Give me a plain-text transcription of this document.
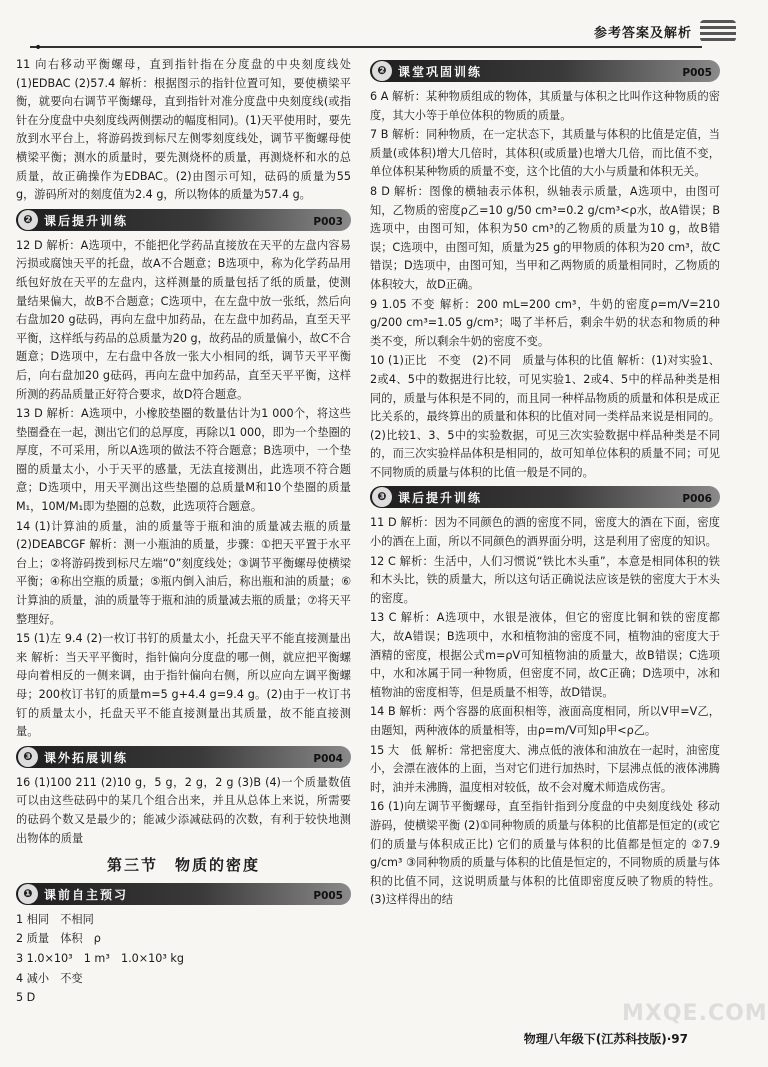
参考答案及解析
•
11 向右移动平衡螺母，直到指针指在分度盘的中央刻度线处 (1)EDBAC (2)57.4 解析：根据图示的指针位置可知，要使横梁平衡，就要向右调节平衡螺母，直到指针对准分度盘中央刻度线(或指针在分度盘中央刻度线两侧摆动的幅度相同)。(1)天平使用时，要先放到水平台上，将游码拨到标尺左侧零刻度线处，调节平衡螺母使横梁平衡；测水的质量时，要先测烧杯的质量，再测烧杯和水的总质量，故正确操作为EDBAC。(2)由图示可知，砝码的质量为55 g，游码所对的刻度值为2.4 g，所以物体的质量为57.4 g。
❷ 课后提升训练	P003
12 D 解析：A选项中，不能把化学药品直接放在天平的左盘内容易污损或腐蚀天平的托盘，故A不合题意；B选项中，称为化学药品用纸包好放在天平的左盘内，这样测量的质量包括了纸的质量，使测量结果偏大，故B不合题意；C选项中，在左盘中放一张纸，然后向右盘加20 g砝码，再向左盘中加药品，在左盘中加药品，直至天平平衡，这样纸与药品的总质量为20 g，故药品的质量偏小，故C不合题意；D选项中，左右盘中各放一张大小相同的纸，调节天平平衡后，向右盘加20 g砝码，再向左盘中加药品，直至天平平衡，这样所测的药品质量正好符合要求，故D符合题意。
13 D 解析：A选项中，小橡胶垫圈的数量估计为1 000个，将这些垫圈叠在一起，测出它们的总厚度，再除以1 000，即为一个垫圈的厚度，不可采用，所以A选项的做法不符合题意；B选项中，一个垫圈的质量太小，小于天平的感量，无法直接测出，此选项不符合题意；D选项中，用天平测出这些垫圈的总质量M和10个垫圈的质量M₁，10M/M₁即为垫圈的总数，此选项符合题意。
14 (1)计算油的质量，油的质量等于瓶和油的质量减去瓶的质量 (2)DEABCGF 解析：测一小瓶油的质量，步骤：①把天平置于水平台上；②将游码拨到标尺左端“0”刻度线处；③调节平衡螺母使横梁平衡；④称出空瓶的质量；⑤瓶内倒入油后，称出瓶和油的质量；⑥计算油的质量，油的质量等于瓶和油的质量减去瓶的质量；⑦将天平整理好。
15 (1)左 9.4 (2)一枚订书钉的质量太小，托盘天平不能直接测量出来 解析：当天平平衡时，指针偏向分度盘的哪一侧，就应把平衡螺母向着相反的一侧来调，由于指针偏向右侧，所以应向左调平衡螺母；200枚订书钉的质量m=5 g+4.4 g=9.4 g。(2)由于一枚订书钉的质量太小，托盘天平不能直接测量出其质量，故不能直接测量。
❸ 课外拓展训练	P004
16 (1)100 211 (2)10 g，5 g，2 g，2 g (3)B (4)一个质量数值可以由这些砝码中的某几个组合出来，并且从总体上来说，所需要的砝码个数又是最少的；能减少添减砝码的次数，有利于较快地测出物体的质量
第三节　物质的密度
❶ 课前自主预习	P005
1 相同　不相同
2 质量　体积　ρ
3 1.0×10³　1 m³　1.0×10³ kg
4 减小　不变
5 D
❷ 课堂巩固训练	P005
6 A 解析：某种物质组成的物体，其质量与体积之比叫作这种物质的密度，其大小等于单位体积的物质的质量。
7 B 解析：同种物质，在一定状态下，其质量与体积的比值是定值，当质量(或体积)增大几倍时，其体积(或质量)也增大几倍，而比值不变，单位体积某种物质的质量不变，这个比值的大小与质量和体积无关。
8 D 解析：图像的横轴表示体积，纵轴表示质量，A选项中，由图可知，乙物质的密度ρ乙=10 g/50 cm³=0.2 g/cm³<ρ水，故A错误；B选项中，由图可知，体积为50 cm³的乙物质的质量为10 g，故B错误；C选项中，由图可知，质量为25 g的甲物质的体积为20 cm³，故C错误；D选项中，由图可知，当甲和乙两物质的质量相同时，乙物质的体积较大，故D正确。
9 1.05 不变 解析：200 mL=200 cm³，牛奶的密度ρ=m/V=210 g/200 cm³=1.05 g/cm³；喝了半杯后，剩余牛奶的状态和物质的种类不变，所以剩余牛奶的密度不变。
10 (1)正比　不变　(2)不同　质量与体积的比值 解析：(1)对实验1、2或4、5中的数据进行比较，可见实验1、2或4、5中的样品种类是相同的，质量与体积是不同的，而且同一种样品物质的质量和体积是成正比关系的，最终算出的质量和体积的比值对同一类样品来说是相同的。(2)比较1、3、5中的实验数据，可见三次实验数据中样品种类是不同的，而三次实验样品体积是相同的，故可知单位体积的质量不同；可见不同物质的质量与体积的比值一般是不同的。
❸ 课后提升训练	P006
11 D 解析：因为不同颜色的酒的密度不同，密度大的酒在下面，密度小的酒在上面，所以不同颜色的酒界面分明，这是利用了密度的知识。
12 C 解析：生活中，人们习惯说“铁比木头重”，本意是相同体积的铁和木头比，铁的质量大，所以这句话正确说法应该是铁的密度大于木头的密度。
13 C 解析：A选项中，水银是液体，但它的密度比铜和铁的密度都大，故A错误；B选项中，水和植物油的密度不同，植物油的密度大于酒精的密度，根据公式m=ρV可知植物油的质量大，故B错误；C选项中，水和冰属于同一种物质，但密度不同，故C正确；D选项中，冰和植物油的密度相等，但是质量不相等，故D错误。
14 B 解析：两个容器的底面积相等，液面高度相同，所以V甲=V乙，由题知，两种液体的质量相等，由ρ=m/V可知ρ甲<ρ乙。
15 大　低 解析：常把密度大、沸点低的液体和油放在一起时，油密度小，会漂在液体的上面，当对它们进行加热时，下层沸点低的液体沸腾时，油并未沸腾，温度相对较低，故不会对魔术师造成伤害。
16 (1)向左调节平衡螺母，直至指针指到分度盘的中央刻度线处 移动游码，使横梁平衡 (2)①同种物质的质量与体积的比值都是恒定的(或它们的质量与体积成正比) 它们的质量与体积的比值都是恒定的 ②7.9 g/cm³ ③同种物质的质量与体积的比值是恒定的，不同物质的质量与体积的比值不同，这说明质量与体积的比值即密度反映了物质的特性。(3)这样得出的结
MXQE.COM
物理八年级下(江苏科技版)·97
